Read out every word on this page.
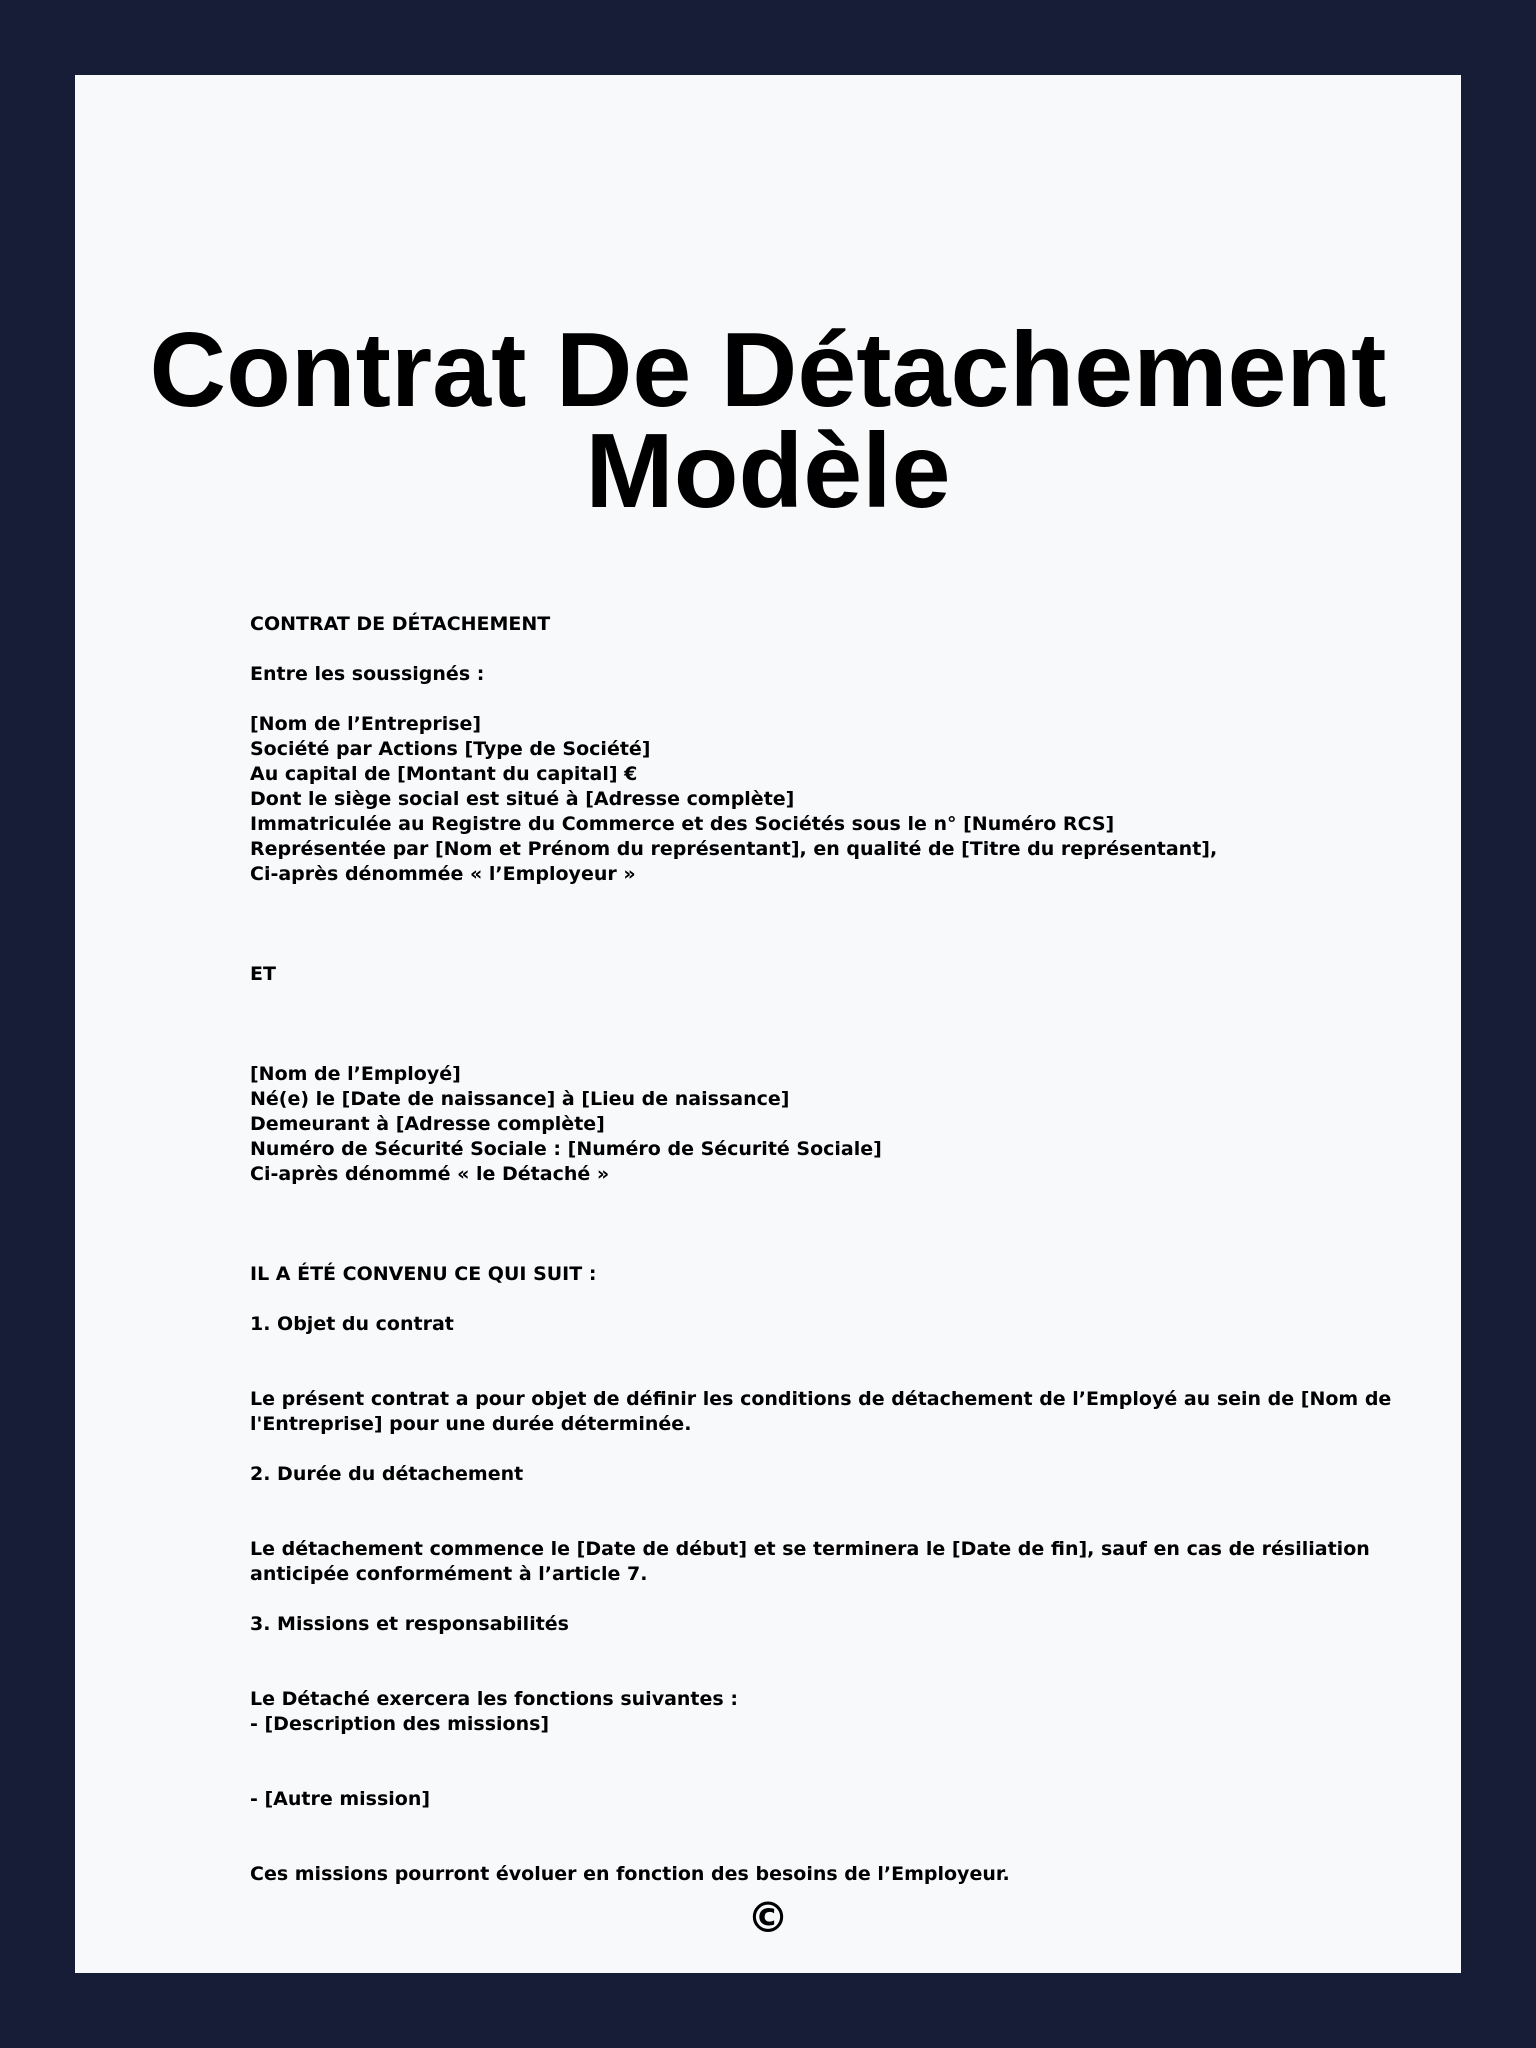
Contrat De Détachement
Modèle
CONTRAT DE DÉTACHEMENT
Entre les soussignés :
[Nom de l’Entreprise]
Société par Actions [Type de Société]
Au capital de [Montant du capital] €
Dont le siège social est situé à [Adresse complète]
Immatriculée au Registre du Commerce et des Sociétés sous le n° [Numéro RCS]
Représentée par [Nom et Prénom du représentant], en qualité de [Titre du représentant],
Ci-après dénommée « l’Employeur »
ET
[Nom de l’Employé]
Né(e) le [Date de naissance] à [Lieu de naissance]
Demeurant à [Adresse complète]
Numéro de Sécurité Sociale : [Numéro de Sécurité Sociale]
Ci-après dénommé « le Détaché »
IL A ÉTÉ CONVENU CE QUI SUIT :
1. Objet du contrat
Le présent contrat a pour objet de définir les conditions de détachement de l’Employé au sein de [Nom de
l'Entreprise] pour une durée déterminée.
2. Durée du détachement
Le détachement commence le [Date de début] et se terminera le [Date de fin], sauf en cas de résiliation
anticipée conformément à l’article 7.
3. Missions et responsabilités
Le Détaché exercera les fonctions suivantes :
- [Description des missions]
- [Autre mission]
Ces missions pourront évoluer en fonction des besoins de l’Employeur.
©
